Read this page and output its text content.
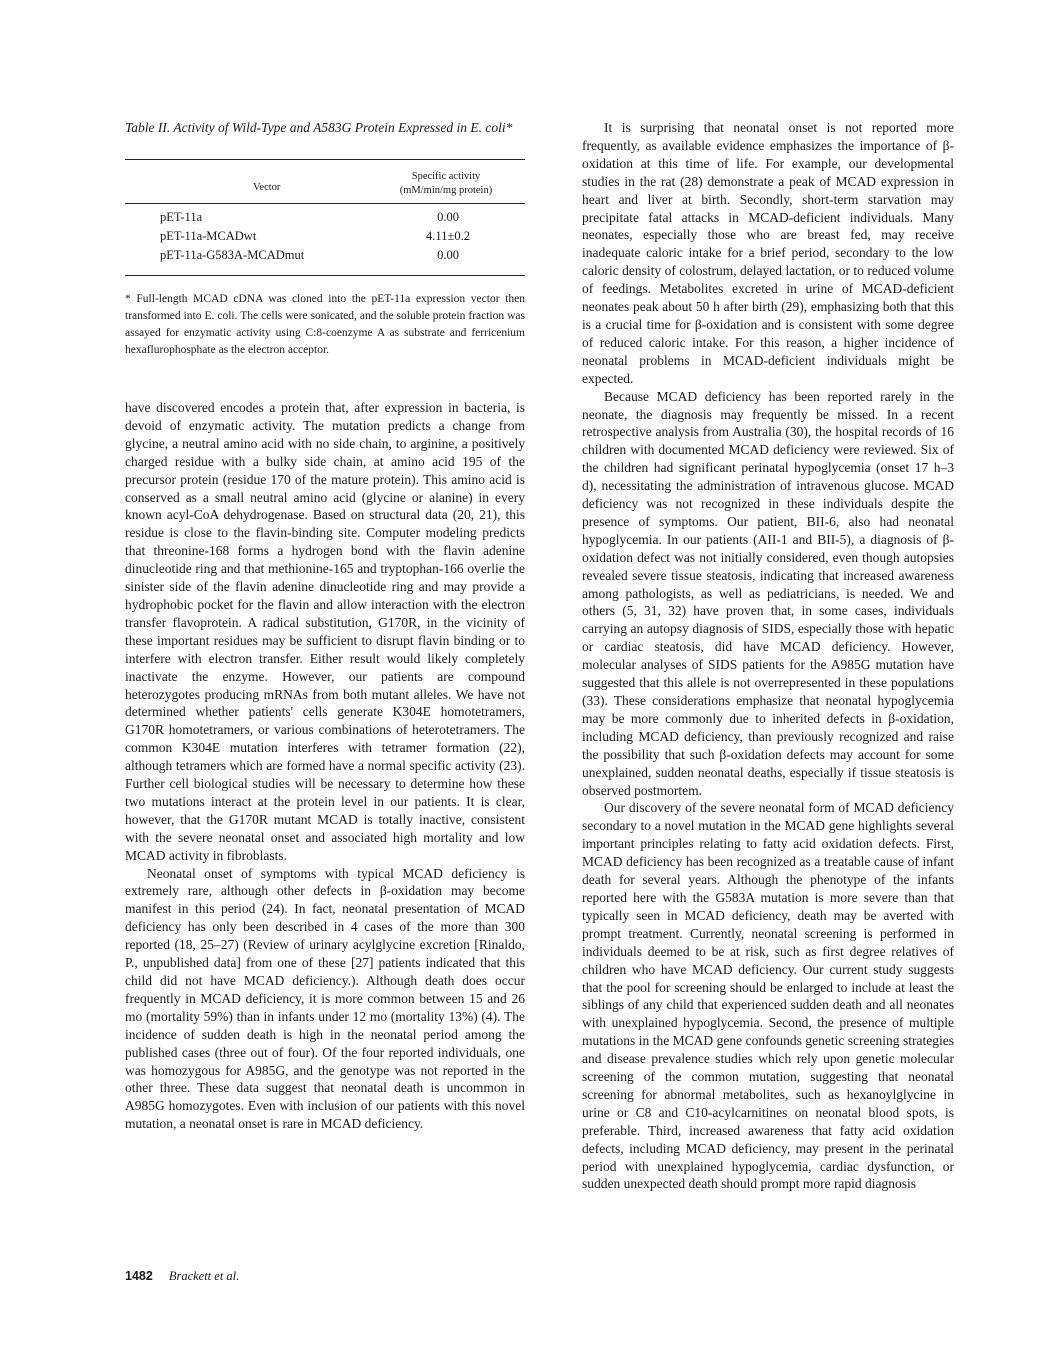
Table II. Activity of Wild-Type and A583G Protein Expressed in E. coli*
Vector
Specific activity
(mM/min/mg protein)
pET-11a	0.00
pET-11a-MCADwt	4.11±0.2
pET-11a-G583A-MCADmut	0.00
* Full-length MCAD cDNA was cloned into the pET-11a expression vector then transformed into E. coli. The cells were sonicated, and the soluble protein fraction was assayed for enzymatic activity using C:8-coenzyme A as substrate and ferricenium hexaflurophosphate as the electron acceptor.

have discovered encodes a protein that, after expression in bacteria, is devoid of enzymatic activity. The mutation predicts a change from glycine, a neutral amino acid with no side chain, to arginine, a positively charged residue with a bulky side chain, at amino acid 195 of the precursor protein (residue 170 of the mature protein). This amino acid is conserved as a small neutral amino acid (glycine or alanine) in every known acyl-CoA dehydrogenase. Based on structural data (20, 21), this residue is close to the flavin-binding site. Computer modeling predicts that threonine-168 forms a hydrogen bond with the flavin adenine dinucleotide ring and that methionine-165 and tryptophan-166 overlie the sinister side of the flavin adenine dinucleotide ring and may provide a hydrophobic pocket for the flavin and allow interaction with the electron transfer flavoprotein. A radical substitution, G170R, in the vicinity of these important residues may be sufficient to disrupt flavin binding or to interfere with electron transfer. Either result would likely completely inactivate the enzyme. However, our patients are compound heterozygotes producing mRNAs from both mutant alleles. We have not determined whether patients' cells generate K304E homotetramers, G170R homotetramers, or various combinations of heterotetramers. The common K304E mutation interferes with tetramer formation (22), although tetramers which are formed have a normal specific activity (23). Further cell biological studies will be necessary to determine how these two mutations interact at the protein level in our patients. It is clear, however, that the G170R mutant MCAD is totally inactive, consistent with the severe neonatal onset and associated high mortality and low MCAD activity in fibroblasts.

Neonatal onset of symptoms with typical MCAD deficiency is extremely rare, although other defects in β-oxidation may become manifest in this period (24). In fact, neonatal presentation of MCAD deficiency has only been described in 4 cases of the more than 300 reported (18, 25–27) (Review of urinary acylglycine excretion [Rinaldo, P., unpublished data] from one of these [27] patients indicated that this child did not have MCAD deficiency.). Although death does occur frequently in MCAD deficiency, it is more common between 15 and 26 mo (mortality 59%) than in infants under 12 mo (mortality 13%) (4). The incidence of sudden death is high in the neonatal period among the published cases (three out of four). Of the four reported individuals, one was homozygous for A985G, and the genotype was not reported in the other three. These data suggest that neonatal death is uncommon in A985G homozygotes. Even with inclusion of our patients with this novel mutation, a neonatal onset is rare in MCAD deficiency.

1482 Brackett et al.

It is surprising that neonatal onset is not reported more frequently, as available evidence emphasizes the importance of β-oxidation at this time of life. For example, our developmental studies in the rat (28) demonstrate a peak of MCAD expression in heart and liver at birth. Secondly, short-term starvation may precipitate fatal attacks in MCAD-deficient individuals. Many neonates, especially those who are breast fed, may receive inadequate caloric intake for a brief period, secondary to the low caloric density of colostrum, delayed lactation, or to reduced volume of feedings. Metabolites excreted in urine of MCAD-deficient neonates peak about 50 h after birth (29), emphasizing both that this is a crucial time for β-oxidation and is consistent with some degree of reduced caloric intake. For this reason, a higher incidence of neonatal problems in MCAD-deficient individuals might be expected.

Because MCAD deficiency has been reported rarely in the neonate, the diagnosis may frequently be missed. In a recent retrospective analysis from Australia (30), the hospital records of 16 children with documented MCAD deficiency were reviewed. Six of the children had significant perinatal hypoglycemia (onset 17 h–3 d), necessitating the administration of intravenous glucose. MCAD deficiency was not recognized in these individuals despite the presence of symptoms. Our patient, BII-6, also had neonatal hypoglycemia. In our patients (AII-1 and BII-5), a diagnosis of β-oxidation defect was not initially considered, even though autopsies revealed severe tissue steatosis, indicating that increased awareness among pathologists, as well as pediatricians, is needed. We and others (5, 31, 32) have proven that, in some cases, individuals carrying an autopsy diagnosis of SIDS, especially those with hepatic or cardiac steatosis, did have MCAD deficiency. However, molecular analyses of SIDS patients for the A985G mutation have suggested that this allele is not overrepresented in these populations (33). These considerations emphasize that neonatal hypoglycemia may be more commonly due to inherited defects in β-oxidation, including MCAD deficiency, than previously recognized and raise the possibility that such β-oxidation defects may account for some unexplained, sudden neonatal deaths, especially if tissue steatosis is observed postmortem.

Our discovery of the severe neonatal form of MCAD deficiency secondary to a novel mutation in the MCAD gene highlights several important principles relating to fatty acid oxidation defects. First, MCAD deficiency has been recognized as a treatable cause of infant death for several years. Although the phenotype of the infants reported here with the G583A mutation is more severe than that typically seen in MCAD deficiency, death may be averted with prompt treatment. Currently, neonatal screening is performed in individuals deemed to be at risk, such as first degree relatives of children who have MCAD deficiency. Our current study suggests that the pool for screening should be enlarged to include at least the siblings of any child that experienced sudden death and all neonates with unexplained hypoglycemia. Second, the presence of multiple mutations in the MCAD gene confounds genetic screening strategies and disease prevalence studies which rely upon genetic molecular screening of the common mutation, suggesting that neonatal screening for abnormal metabolites, such as hexanoylglycine in urine or C8 and C10-acylcarnitines on neonatal blood spots, is preferable. Third, increased awareness that fatty acid oxidation defects, including MCAD deficiency, may present in the perinatal period with unexplained hypoglycemia, cardiac dysfunction, or sudden unexpected death should prompt more rapid diagnosis
